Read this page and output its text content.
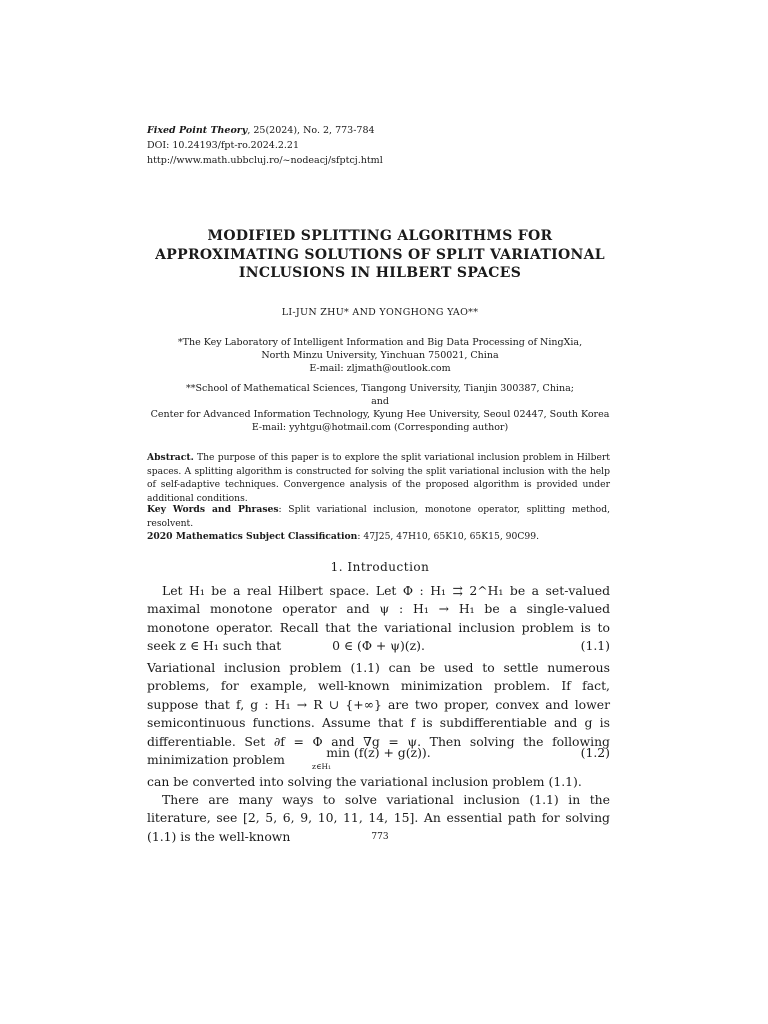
Fixed Point Theory, 25(2024), No. 2, 773-784
DOI: 10.24193/fpt-ro.2024.2.21
http://www.math.ubbcluj.ro/~nodeacj/sfptcj.html
MODIFIED SPLITTING ALGORITHMS FOR
APPROXIMATING SOLUTIONS OF SPLIT VARIATIONAL
INCLUSIONS IN HILBERT SPACES
LI-JUN ZHU* AND YONGHONG YAO**
*The Key Laboratory of Intelligent Information and Big Data Processing of NingXia,
North Minzu University, Yinchuan 750021, China
E-mail: zljmath@outlook.com
**School of Mathematical Sciences, Tiangong University, Tianjin 300387, China;
and
Center for Advanced Information Technology, Kyung Hee University, Seoul 02447, South Korea
E-mail: yyhtgu@hotmail.com (Corresponding author)
Abstract. The purpose of this paper is to explore the split variational inclusion problem in Hilbert spaces. A splitting algorithm is constructed for solving the split variational inclusion with the help of self-adaptive techniques. Convergence analysis of the proposed algorithm is provided under additional conditions.
Key Words and Phrases: Split variational inclusion, monotone operator, splitting method, resolvent.
2020 Mathematics Subject Classification: 47J25, 47H10, 65K10, 65K15, 90C99.
1. Introduction
Let H₁ be a real Hilbert space. Let Φ : H₁ ⇉ 2^H₁ be a set-valued maximal monotone operator and ψ : H₁ → H₁ be a single-valued monotone operator. Recall that the variational inclusion problem is to seek z ∈ H₁ such that	0 ∈ (Φ + ψ)(z).	(1.1)
Variational inclusion problem (1.1) can be used to settle numerous problems, for example, well-known minimization problem. If fact, suppose that f, g : H₁ → R ∪ {+∞} are two proper, convex and lower semicontinuous functions. Assume that f is subdifferentiable and g is differentiable. Set ∂f = Φ and ∇g = ψ. Then solving the following minimization problem	min (f(z) + g(z)).
z∈H₁
(1.2)
can be converted into solving the variational inclusion problem (1.1).
There are many ways to solve variational inclusion (1.1) in the literature, see [2, 5, 6, 9, 10, 11, 14, 15]. An essential path for solving (1.1) is the well-known	773
